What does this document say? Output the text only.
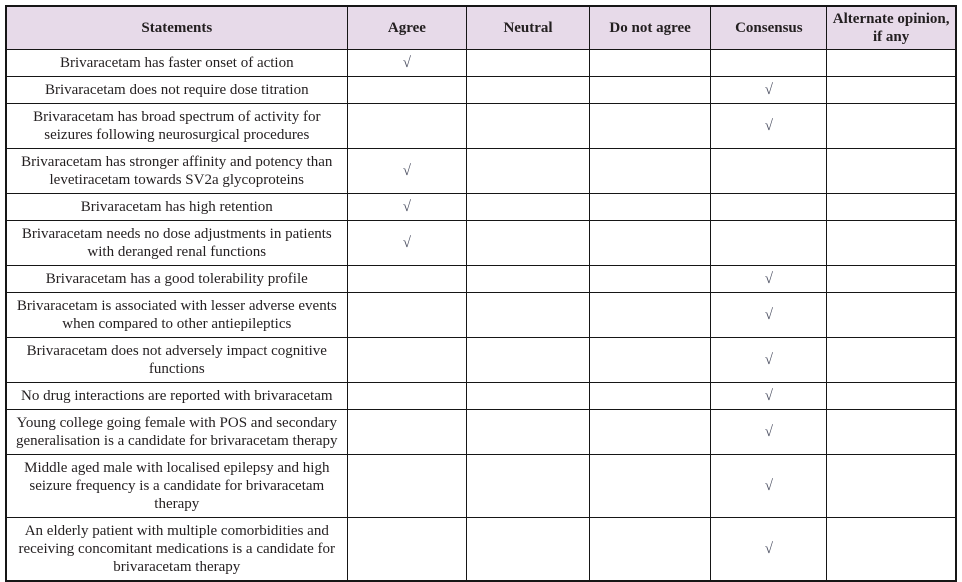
Statements	Agree	Neutral	Do not agree	Consensus	Alternate opinion, if any
Brivaracetam has faster onset of action	√				
Brivaracetam does not require dose titration				√	
Brivaracetam has broad spectrum of activity for seizures following neurosurgical procedures				√	
Brivaracetam has stronger affinity and potency than levetiracetam towards SV2a glycoproteins	√				
Brivaracetam has high retention	√				
Brivaracetam needs no dose adjustments in patients with deranged renal functions	√				
Brivaracetam has a good tolerability profile				√	
Brivaracetam is associated with lesser adverse events when compared to other antiepileptics				√	
Brivaracetam does not adversely impact cognitive functions				√	
No drug interactions are reported with brivaracetam				√	
Young college going female with POS and secondary generalisation is a candidate for brivaracetam therapy				√	
Middle aged male with localised epilepsy and high seizure frequency is a candidate for brivaracetam therapy				√	
An elderly patient with multiple comorbidities and receiving concomitant medications is a candidate for brivaracetam therapy				√	
